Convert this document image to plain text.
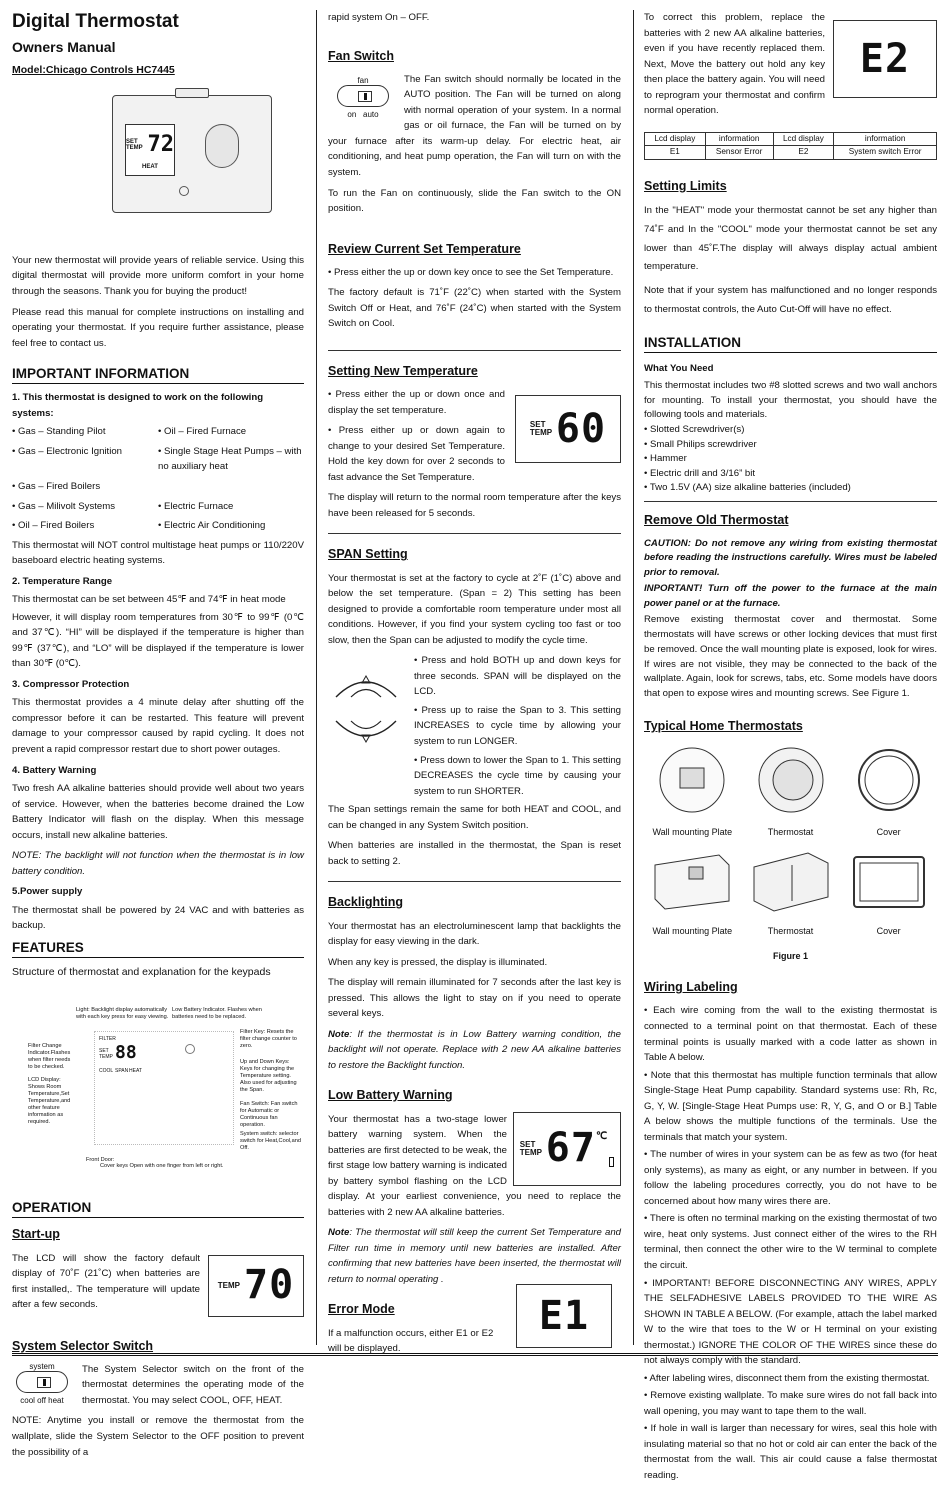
Digital Thermostat
Owners Manual
Model:Chicago Controls HC7445
SET TEMP 72
HEAT

Your new thermostat will provide years of reliable service. Using this digital thermostat will provide more uniform comfort in your home through the seasons. Thank you for buying the product!

Please read this manual for complete instructions on installing and operating your thermostat. If you require further assistance, please feel free to contact us.

IMPORTANT INFORMATION
1. This thermostat is designed to work on the following systems:
• Gas – Standing Pilot	• Oil – Fired Furnace
• Gas – Electronic Ignition	• Single Stage Heat Pumps – with no auxiliary heat
• Gas – Fired Boilers
• Gas – Milivolt Systems	• Electric Furnace
• Oil – Fired Boilers	• Electric Air Conditioning

This thermostat will NOT control multistage heat pumps or 110/220V baseboard electric heating systems.

2. Temperature Range

This thermostat can be set between 45℉ and 74℉ in heat mode

However, it will display room temperatures from 30℉ to 99℉ (0℃ and 37℃). “HI” will be displayed if the temperature is higher than 99℉ (37℃), and “LO” will be displayed if the temperature is lower than 30℉ (0℃).

3. Compressor Protection

This thermostat provides a 4 minute delay after shutting off the compressor before it can be restarted. This feature will prevent damage to your compressor caused by rapid cycling. It does not prevent a rapid compressor restart due to short power outages.

4. Battery Warning

Two fresh AA alkaline batteries should provide well about two years of service. However, when the batteries become drained the Low Battery Indicator will flash on the display. When this message occurs, install new alkaline batteries.

NOTE: The backlight will not function when the thermostat is in low battery condition.

5.Power supply

The thermostat shall be powered by 24 VAC and with batteries as backup.

FEATURES
Structure of thermostat and explanation for the keypads
Light: Backlight display automatically with each key press for easy viewing.
Low Battery Indicator. Flashes when batteries need to be replaced.
Filter Key: Resets the filter change counter to zero.
Up and Down Keys: Keys for changing the Temperature setting. Also used for adjusting the Span.
Fan Switch: Fan switch for Automatic or Continuous fan operation.
System switch: selector switch for Heat,Cool,and Off.
Filter Change Indicator.Flashes when filter needs to be checked.
LCD Display: Shows Room Temperature,Set Temperature,and other feature information as required.
Front Door:
Cover keys Open with one finger from left or right.
FILTER
SET TEMP 88
COOL SPAN HEAT
OPERATION
Start-up

The LCD will show the factory default display of 70˚F (21˚C) when batteries are first installed,. The temperature will update after a few seconds.

TEMP 70
System Selector Switch
system
cool off heat

The System Selector switch on the front of the thermostat determines the operating mode of the thermostat. You may select COOL, OFF, HEAT.

NOTE: Anytime you install or remove the thermostat from the wallplate, slide the System Selector to the OFF position to prevent the possibility of a

rapid system On – OFF.

Fan Switch
fan
on auto

The Fan switch should normally be located in the AUTO position. The Fan will be turned on along with normal operation of your system. In a normal gas or oil furnace, the Fan will be turned on by your furnace after its warm-up delay. For electric heat, air conditioning, and heat pump operation, the Fan will turn on with the system.

To run the Fan on continuously, slide the Fan switch to the ON position.

Review Current Set Temperature

• Press either the up or down key once to see the Set Temperature.

The factory default is 71˚F (22˚C) when started with the System Switch Off or Heat, and 76˚F (24˚C) when started with the System Switch on Cool.

Setting New Temperature

• Press either the up or down once and display the set temperature.

• Press either up or down again to change to your desired Set Temperature. Hold the key down for over 2 seconds to fast advance the Set Temperature.

SET TEMP 60

The display will return to the normal room temperature after the keys have been released for 5 seconds.

SPAN Setting

Your thermostat is set at the factory to cycle at 2˚F (1˚C) above and below the set temperature. (Span = 2) This setting has been designed to provide a comfortable room temperature under most all conditions. However, if you find your system cycling too fast or too slow, then the Span can be adjusted to modify the cycle time.

• Press and hold BOTH up and down keys for three seconds. SPAN will be displayed on the LCD.

• Press up to raise the Span to 3. This setting INCREASES to cycle time by allowing your system to run LONGER.

• Press down to lower the Span to 1. This setting DECREASES the cycle time by causing your system to run SHORTER.

The Span settings remain the same for both HEAT and COOL, and can be changed in any System Switch position.

When batteries are installed in the thermostat, the Span is reset back to setting 2.

Backlighting

Your thermostat has an electroluminescent lamp that backlights the display for easy viewing in the dark.

When any key is pressed, the display is illuminated.

The display will remain illuminated for 7 seconds after the last key is pressed. This allows the light to stay on if you need to operate several keys.

Note: If the thermostat is in Low Battery warning condition, the backlight will not operate. Replace with 2 new AA alkaline batteries to restore the Backlight function.

Low Battery Warning
SET TEMP 67 ℃

Your thermostat has a two-stage lower battery warning system. When the batteries are first detected to be weak, the first stage low battery warning is indicated by battery symbol flashing on the LCD display. At your earliest convenience, you need to replace the batteries with 2 new AA alkaline batteries.

Note: The thermostat will still keep the current Set Temperature and Filter run time in memory until new batteries are installed. After confirming that new batteries have been inserted, the thermostat will return to normal operating .

Error Mode

If a malfunction occurs, either E1 or E2 will be displayed.

E1
E2

To correct this problem, replace the batteries with 2 new AA alkaline batteries, even if you have recently replaced them. Next, Move the battery out hold any key then place the battery again. You will need to reprogram your thermostat and confirm normal operation.

Lcd display	information	Lcd display	information
E1	Sensor Error	E2	System switch Error
Setting Limits

In the "HEAT" mode your thermostat cannot be set any higher than 74˚F and In the "COOL" mode your thermostat cannot be set any lower than 45˚F.The display will always display actual ambient temperature.

Note that if your system has malfunctioned and no longer responds to thermostat controls, the Auto Cut-Off will have no effect.

INSTALLATION
What You Need

This thermostat includes two #8 slotted screws and two wall anchors for mounting. To install your thermostat, you should have the following tools and materials.

• Slotted Screwdriver(s)
• Small Philips screwdriver
• Hammer
• Electric drill and 3/16” bit
• Two 1.5V (AA) size alkaline batteries (included)
Remove Old Thermostat

CAUTION: Do not remove any wiring from existing thermostat before reading the instructions carefully. Wires must be labeled prior to removal.

INPORTANT! Turn off the power to the furnace at the main power panel or at the furnace.

Remove existing thermostat cover and thermostat. Some thermostats will have screws or other locking devices that must first be removed. Once the wall mounting plate is exposed, look for wires. If wires are not visible, they may be connected to the back of the wallplate. Again, look for screws, tabs, etc. Some models have doors that open to expose wires and mounting screws. See Figure 1.

Typical Home Thermostats
Wall mounting Plate	Thermostat	Cover
Wall mounting Plate	Thermostat	Cover
Figure 1
Wiring Labeling

• Each wire coming from the wall to the existing thermostat is connected to a terminal point on that thermostat. Each of these terminal points is usually marked with a code latter as shown in Table A below.

• Note that this thermostat has multiple function terminals that allow Single-Stage Heat Pump capability. Standard systems use: Rh, Rc, G, Y, W. [Single-Stage Heat Pumps use: R, Y, G, and O or B.] Table A below shows the multiple functions of the terminals. Use the terminals that match your system.

• The number of wires in your system can be as few as two (for heat only systems), as many as eight, or any number in between. If you follow the labeling procedures correctly, you do not have to be concerned about how many wires there are.

• There is often no terminal marking on the existing thermostat of two wire, heat only systems. Just connect either of the wires to the RH terminal, then connect the other wire to the W terminal to complete the circuit.

• IMPORTANT! BEFORE DISCONNECTING ANY WIRES, APPLY THE SELFADHESIVE LABELS PROVIDED TO THE WIRE AS SHOWN IN TABLE A BELOW. (For example, attach the label marked W to the wire that toes to the W or H terminal on your existing thermostat.) IGNORE THE COLOR OF THE WIRES since these do not always comply with the standard.

• After labeling wires, disconnect them from the existing thermostat.

• Remove existing wallplate. To make sure wires do not fall back into wall opening, you may want to tape them to the wall.

• If hole in wall is larger than necessary for wires, seal this hole with insulating material so that no hot or cold air can enter the back of the thermostat from the wall. This air could cause a false thermostat reading.
